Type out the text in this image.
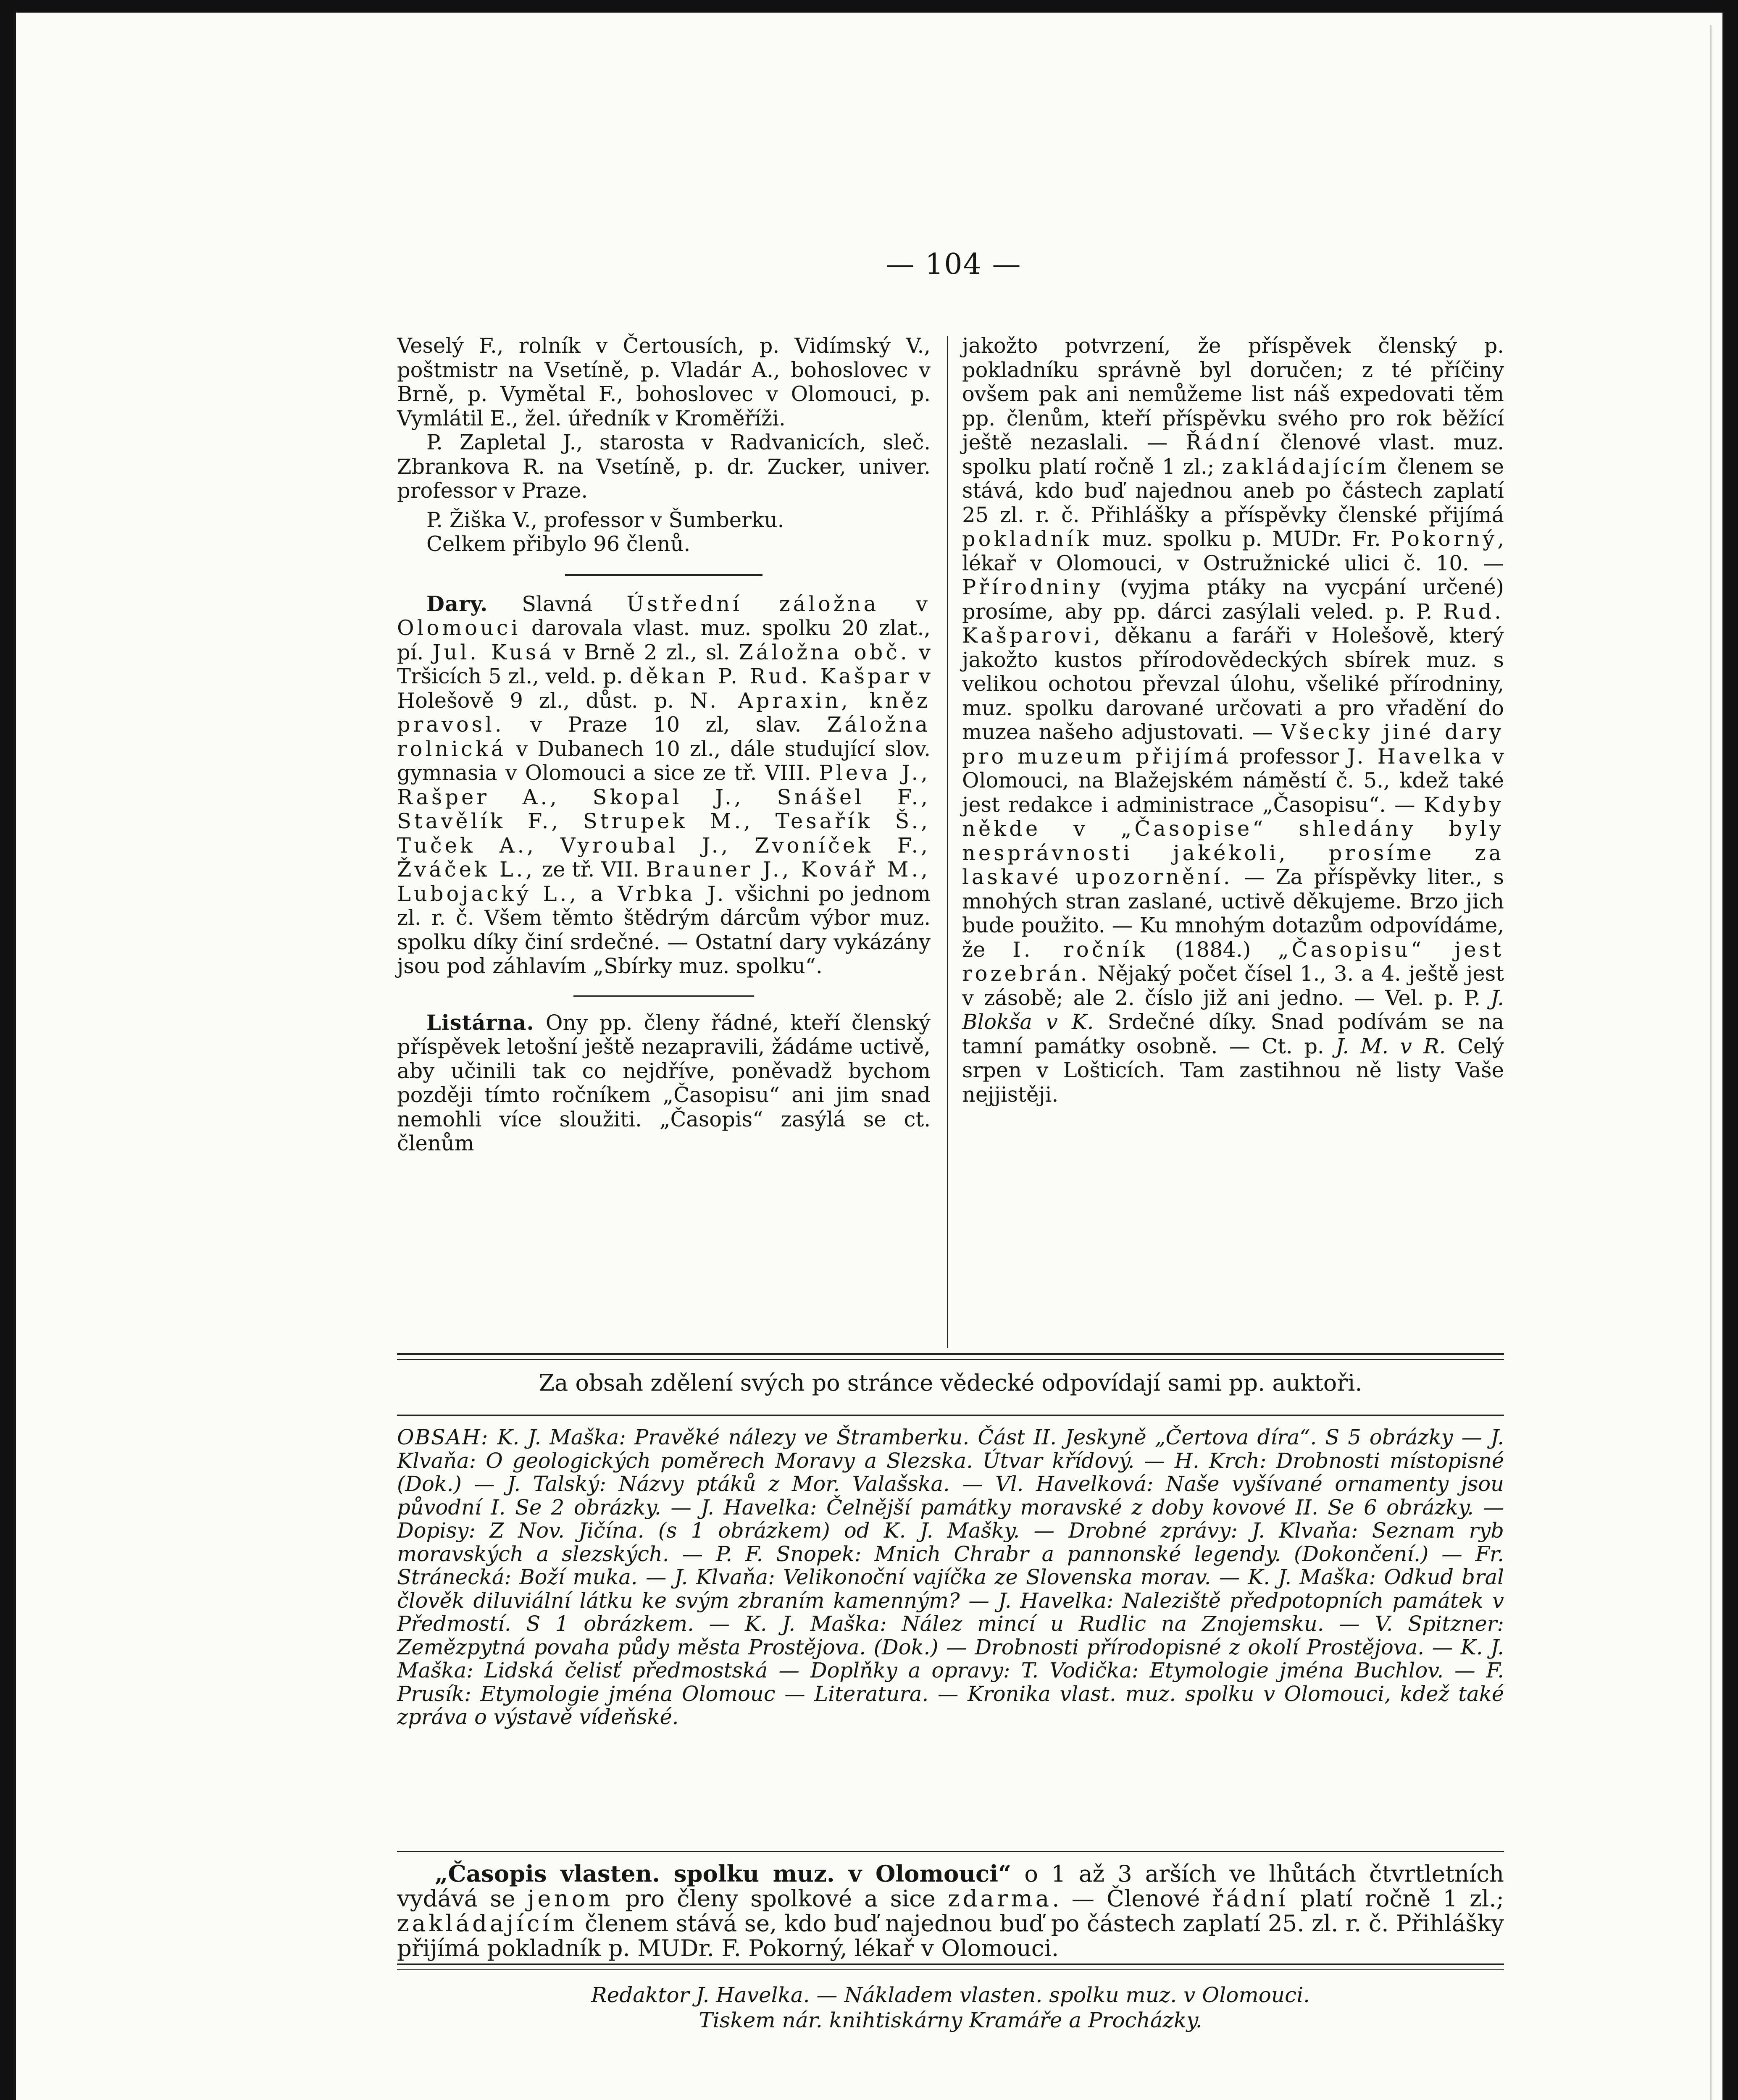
— 104 —

Veselý F., rolník v Čertousích, p. Vidímský V., poštmistr na Vsetíně, p. Vladár A., bohoslovec v Brně, p. Vymětal F., bohoslovec v Olomouci, p. Vymlátil E., žel. úředník v Kroměříži.

P. Zapletal J., starosta v Radvanicích, sleč. Zbrankova R. na Vsetíně, p. dr. Zucker, univer. professor v Praze.

P. Žiška V., professor v Šumberku.

Celkem přibylo 96 členů.

Dary. Slavná Ústřední záložna v Olomouci darovala vlast. muz. spolku 20 zlat., pí. Jul. Kusá v Brně 2 zl., sl. Záložna obč. v Tršicích 5 zl., veld. p. děkan P. Rud. Kašpar v Holešově 9 zl., důst. p. N. Apraxin, kněz pravosl. v Praze 10 zl, slav. Záložna rolnická v Dubanech 10 zl., dále studující slov. gymnasia v Olomouci a sice ze tř. VIII. Pleva J., Rašper A., Skopal J., Snášel F., Stavělík F., Strupek M., Tesařík Š., Tuček A., Vyroubal J., Zvoníček F., Žváček L., ze tř. VII. Brauner J., Kovář M., Lubojacký L., a Vrbka J. všichni po jednom zl. r. č. Všem těmto štědrým dárcům výbor muz. spolku díky činí srdečné. — Ostatní dary vykázány jsou pod záhlavím „Sbírky muz. spolku“.

Listárna. Ony pp. členy řádné, kteří členský příspěvek letošní ještě nezapravili, žádáme uctivě, aby učinili tak co nejdříve, poněvadž bychom později tímto ročníkem „Časopisu“ ani jim snad nemohli více sloužiti. „Časopis“ zasýlá se ct. členům

jakožto potvrzení, že příspěvek členský p. pokladníku správně byl doručen; z té příčiny ovšem pak ani nemůžeme list náš expedovati těm pp. členům, kteří příspěvku svého pro rok běžící ještě nezaslali. — Řádní členové vlast. muz. spolku platí ročně 1 zl.; zakládajícím členem se stává, kdo buď najednou aneb po částech zaplatí 25 zl. r. č. Přihlášky a příspěvky členské přijímá pokladník muz. spolku p. MUDr. Fr. Pokorný, lékař v Olomouci, v Ostružnické ulici č. 10. — Přírodniny (vyjma ptáky na vycpání určené) prosíme, aby pp. dárci zasýlali veled. p. P. Rud. Kašparovi, děkanu a faráři v Holešově, který jakožto kustos přírodovědeckých sbírek muz. s velikou ochotou převzal úlohu, všeliké přírodniny, muz. spolku darované určovati a pro vřadění do muzea našeho adjustovati. — Všecky jiné dary pro muzeum přijímá professor J. Havelka v Olomouci, na Blažejském náměstí č. 5., kdež také jest redakce i administrace „Časopisu“. — Kdyby někde v „Časopise“ shledány byly nesprávnosti jakékoli, prosíme za laskavé upozornění. — Za příspěvky liter., s mnohých stran zaslané, uctivě děkujeme. Brzo jich bude použito. — Ku mnohým dotazům odpovídáme, že I. ročník (1884.) „Časopisu“ jest rozebrán. Nějaký počet čísel 1., 3. a 4. ještě jest v zásobě; ale 2. číslo již ani jedno. — Vel. p. P. J. Blokša v K. Srdečné díky. Snad podívám se na tamní památky osobně. — Ct. p. J. M. v R. Celý srpen v Lošticích. Tam zastihnou ně listy Vaše nejjistěji.

Za obsah zdělení svých po stránce vědecké odpovídají sami pp. auktoři.
OBSAH: K. J. Maška: Pravěké nálezy ve Štramberku. Část II. Jeskyně „Čertova díra“. S 5 obrázky — J. Klvaňa: O geologických poměrech Moravy a Slezska. Útvar křídový. — H. Krch: Drobnosti místopisné (Dok.) — J. Talský: Názvy ptáků z Mor. Valašska. — Vl. Havelková: Naše vyšívané ornamenty jsou původní I. Se 2 obrázky. — J. Havelka: Čelnější památky moravské z doby kovové II. Se 6 obrázky. — Dopisy: Z Nov. Jičína. (s 1 obrázkem) od K. J. Mašky. — Drobné zprávy: J. Klvaňa: Seznam ryb moravských a slezských. — P. F. Snopek: Mnich Chrabr a pannonské legendy. (Dokončení.) — Fr. Stránecká: Boží muka. — J. Klvaňa: Velikonoční vajíčka ze Slovenska morav. — K. J. Maška: Odkud bral člověk diluviální látku ke svým zbraním kamenným? — J. Havelka: Naleziště předpotopních památek v Předmostí. S 1 obrázkem. — K. J. Maška: Nález mincí u Rudlic na Znojemsku. — V. Spitzner: Zemězpytná povaha půdy města Prostějova. (Dok.) — Drobnosti přírodopisné z okolí Prostějova. — K. J. Maška: Lidská čelisť předmostská — Doplňky a opravy: T. Vodička: Etymologie jména Buchlov. — F. Prusík: Etymologie jména Olomouc — Literatura. — Kronika vlast. muz. spolku v Olomouci, kdež také zpráva o výstavě vídeňské.
„Časopis vlasten. spolku muz. v Olomouci“ o 1 až 3 arších ve lhůtách čtvrtletních vydává se jenom pro členy spolkové a sice zdarma. — Členové řádní platí ročně 1 zl.; zakládajícím členem stává se, kdo buď najednou buď po částech zaplatí 25. zl. r. č. Přihlášky přijímá pokladník p. MUDr. F. Pokorný, lékař v Olomouci.
Redaktor J. Havelka. — Nákladem vlasten. spolku muz. v Olomouci.
Tiskem nár. knihtiskárny Kramáře a Procházky.
